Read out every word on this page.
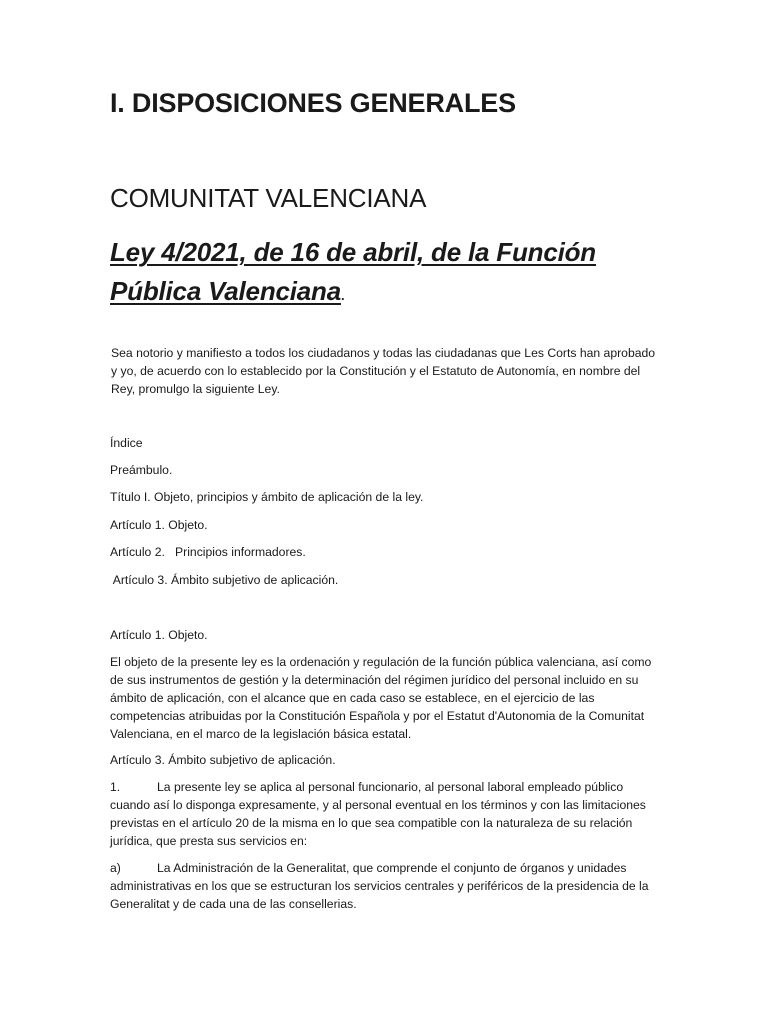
I. DISPOSICIONES GENERALES
COMUNITAT VALENCIANA
Ley 4/2021, de 16 de abril, de la Función
Pública Valenciana.
Sea notorio y manifiesto a todos los ciudadanos y todas las ciudadanas que Les Corts han aprobado y yo, de acuerdo con lo establecido por la Constitución y el Estatuto de Autonomía, en nombre del Rey, promulgo la siguiente Ley.
Índice
Preámbulo.
Título I. Objeto, principios y ámbito de aplicación de la ley.
Artículo 1. Objeto.
Artículo 2.   Principios informadores.
Artículo 3. Ámbito subjetivo de aplicación.
Artículo 1. Objeto.
El objeto de la presente ley es la ordenación y regulación de la función pública valenciana, así como de sus instrumentos de gestión y la determinación del régimen jurídico del personal incluido en su ámbito de aplicación, con el alcance que en cada caso se establece, en el ejercicio de las competencias atribuidas por la Constitución Española y por el Estatut d'Autonomia de la Comunitat Valenciana, en el marco de la legislación básica estatal.
Artículo 3. Ámbito subjetivo de aplicación.
1.	La presente ley se aplica al personal funcionario, al personal laboral empleado público cuando así lo disponga expresamente, y al personal eventual en los términos y con las limitaciones previstas en el artículo 20 de la misma en lo que sea compatible con la naturaleza de su relación jurídica, que presta sus servicios en:
a)	La Administración de la Generalitat, que comprende el conjunto de órganos y unidades administrativas en los que se estructuran los servicios centrales y periféricos de la presidencia de la Generalitat y de cada una de las consellerias.
